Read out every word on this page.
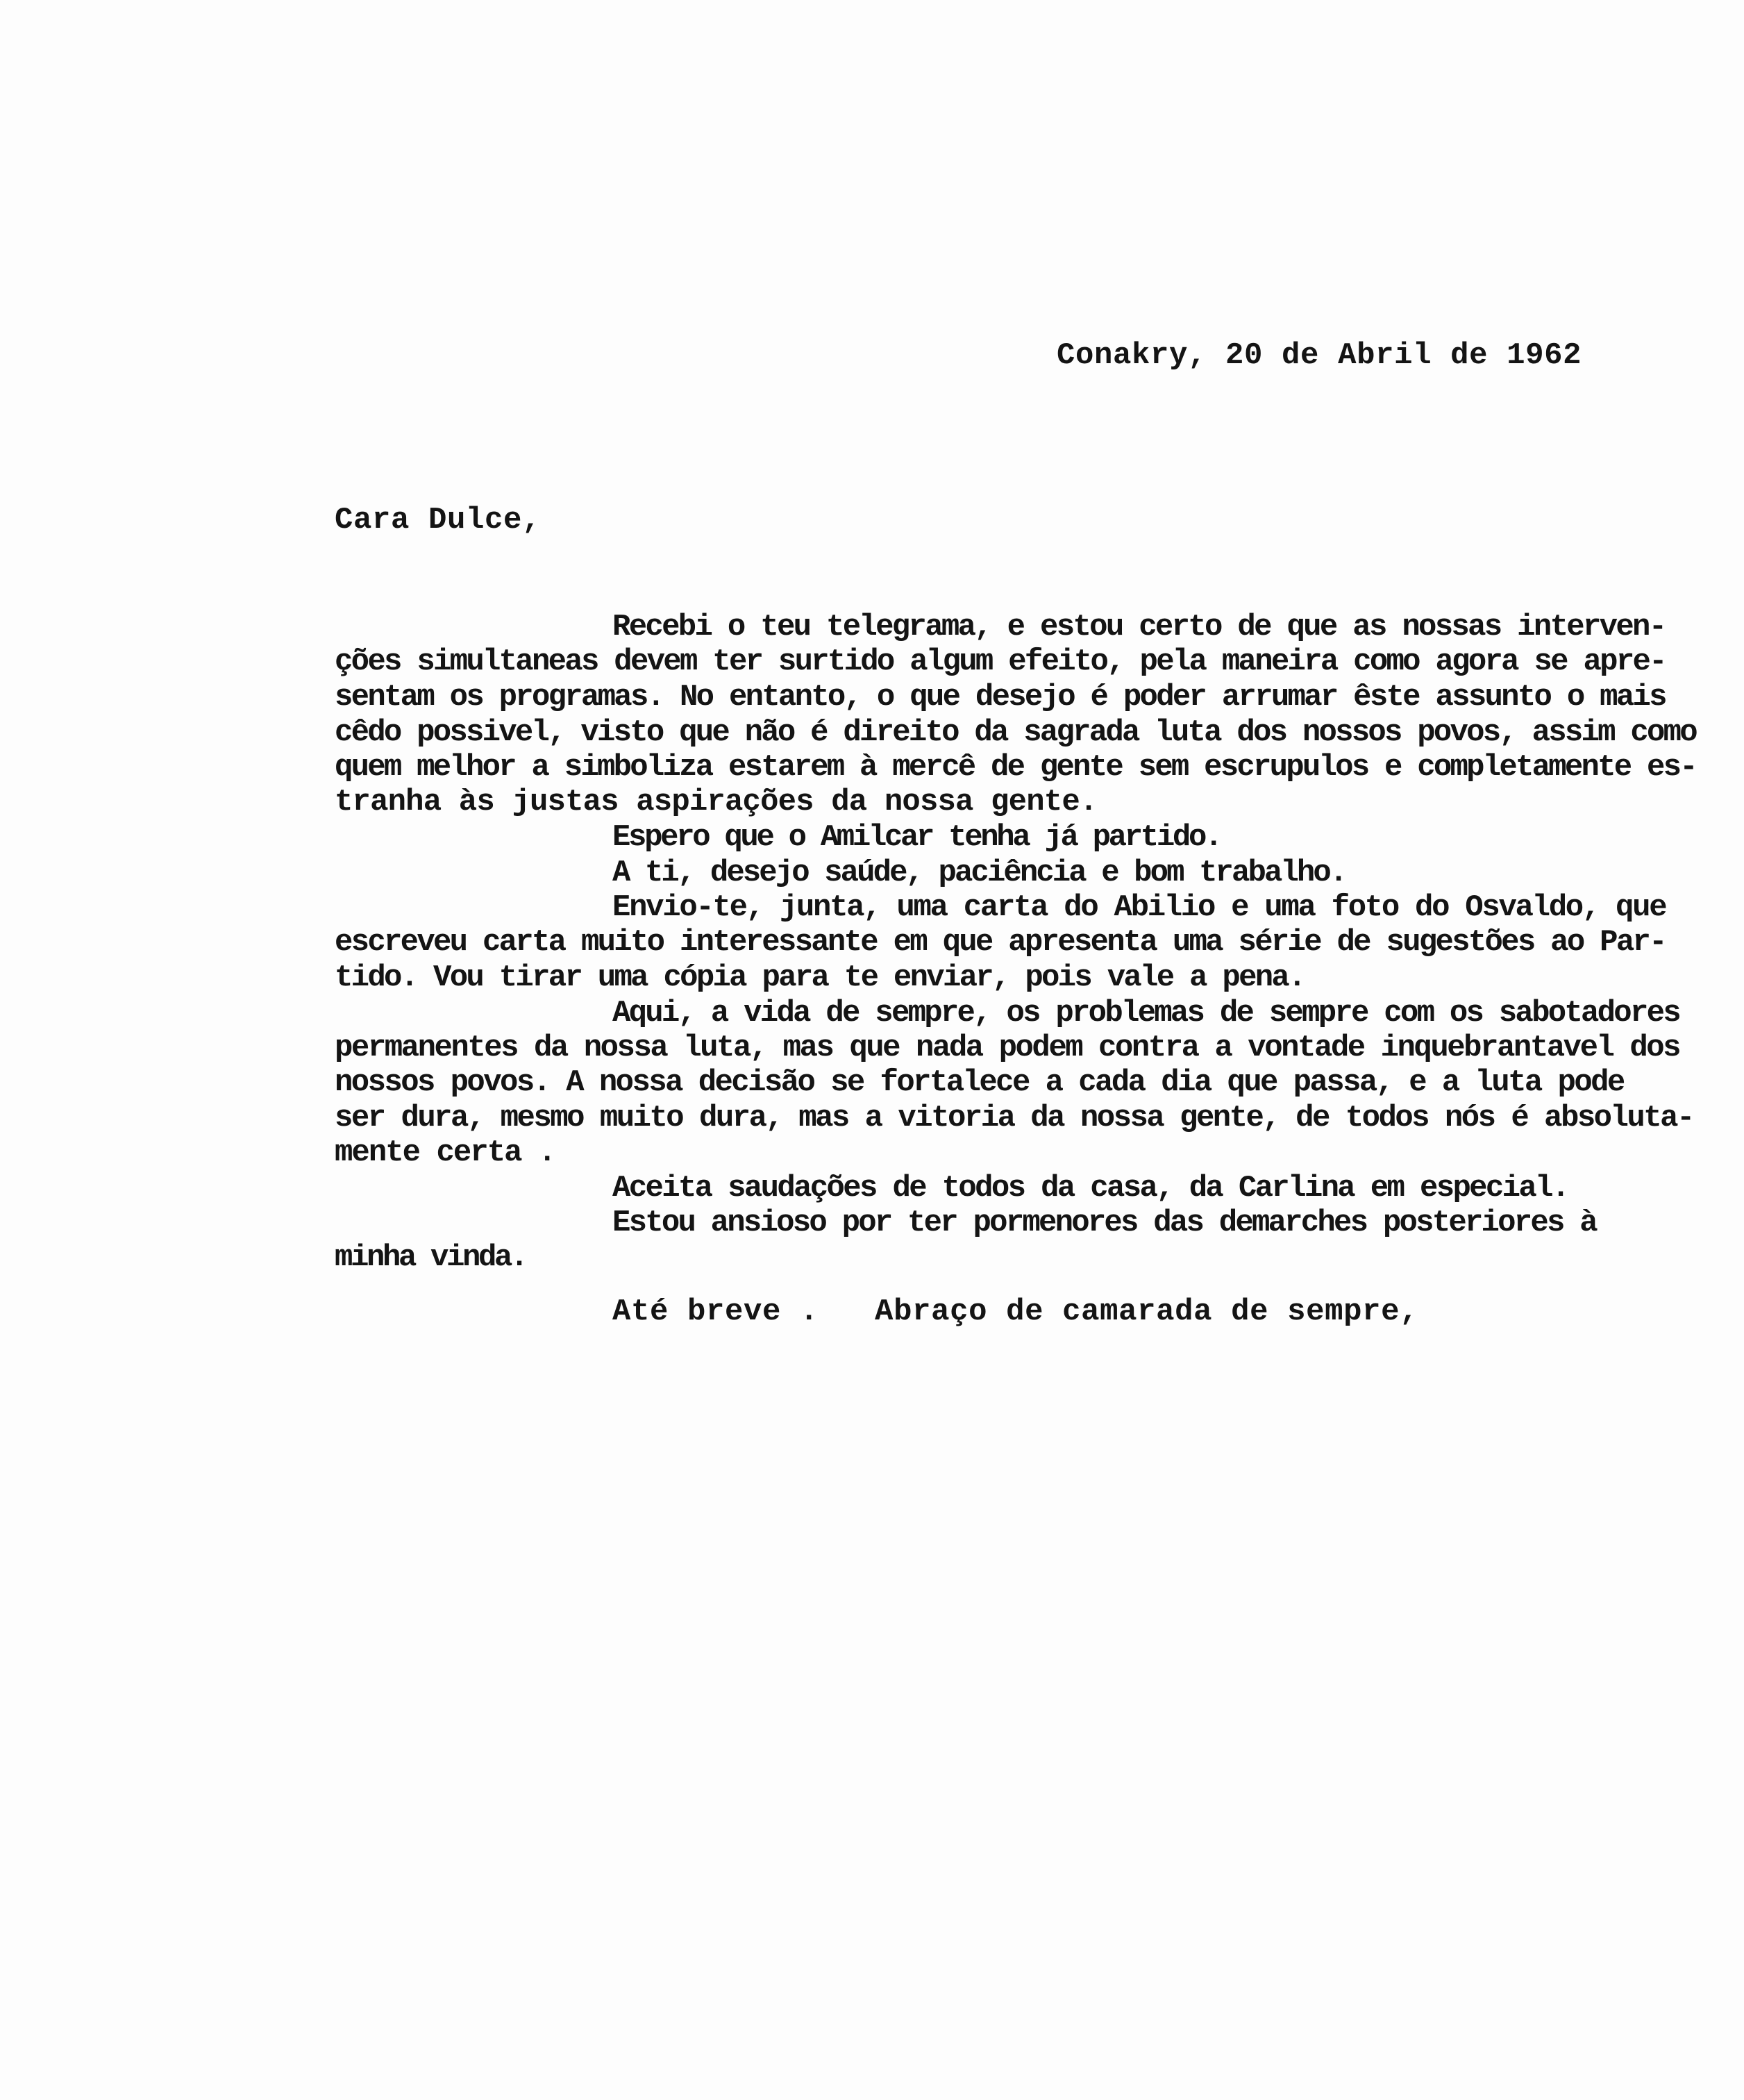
Conakry, 20 de Abril de 1962
Cara Dulce,
Recebi o teu telegrama, e estou certo de que as nossas interven-
ções simultaneas devem ter surtido algum efeito, pela maneira como agora se apre-
sentam os programas. No entanto, o que desejo é poder arrumar êste assunto o mais
cêdo possivel, visto que não é direito da sagrada luta dos nossos povos, assim como
quem melhor a simboliza estarem à mercê de gente sem escrupulos e completamente es-
tranha às justas aspirações da nossa gente.
Espero que o Amilcar tenha já partido.
A ti, desejo saúde, paciência e bom trabalho.
Envio-te, junta, uma carta do Abilio e uma foto do Osvaldo, que
escreveu carta muito interessante em que apresenta uma série de sugestões ao Par-
tido. Vou tirar uma cópia para te enviar, pois vale a pena.
Aqui, a vida de sempre, os problemas de sempre com os sabotadores
permanentes da nossa luta, mas que nada podem contra a vontade inquebrantavel dos
nossos povos. A nossa decisão se fortalece a cada dia que passa, e a luta pode
ser dura, mesmo muito dura, mas a vitoria da nossa gente, de todos nós é absoluta-
mente certa .
Aceita saudações de todos da casa, da Carlina em especial.
Estou ansioso por ter pormenores das demarches posteriores à
minha vinda.
Até breve .   Abraço de camarada de sempre,
